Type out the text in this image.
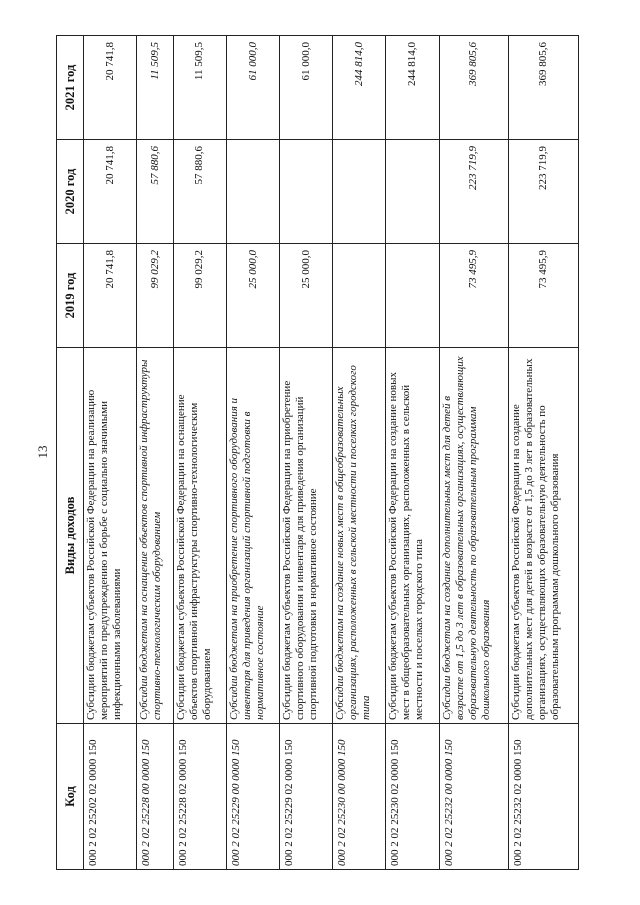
13
Код	Виды доходов	2019 год	2020 год	2021 год
000 2 02 25202 02 0000 150	Субсидии бюджетам субъектов Российской Федерации на реализацию мероприятий по предупреждению и борьбе с социально значимыми инфекционными заболеваниями	20 741,8	20 741,8	20 741,8
000 2 02 25228 00 0000 150	Субсидии бюджетам на оснащение объектов спортивной инфраструктуры спортивно-технологическим оборудованием	99 029,2	57 880,6	11 509,5
000 2 02 25228 02 0000 150	Субсидии бюджетам субъектов Российской Федерации на оснащение объектов спортивной инфраструктуры спортивно-технологическим оборудованием	99 029,2	57 880,6	11 509,5
000 2 02 25229 00 0000 150	Субсидии бюджетам на приобретение спортивного оборудования и инвентаря для приведения организаций спортивной подготовки в нормативное состояние	25 000,0		61 000,0
000 2 02 25229 02 0000 150	Субсидии бюджетам субъектов Российской Федерации на приобретение спортивного оборудования и инвентаря для приведения организаций спортивной подготовки в нормативное состояние	25 000,0		61 000,0
000 2 02 25230 00 0000 150	Субсидии бюджетам на создание новых мест в общеобразовательных организациях, расположенных в сельской местности и поселках городского типа			244 814,0
000 2 02 25230 02 0000 150	Субсидии бюджетам субъектов Российской Федерации на создание новых мест в общеобразовательных организациях, расположенных в сельской местности и поселках городского типа			244 814,0
000 2 02 25232 00 0000 150	Субсидии бюджетам на создание дополнительных мест для детей в возрасте от 1,5 до 3 лет в образовательных организациях, осуществляющих образовательную деятельность по образовательным программам дошкольного образования	73 495,9	223 719,9	369 805,6
000 2 02 25232 02 0000 150	Субсидии бюджетам субъектов Российской Федерации на создание дополнительных мест для детей в возрасте от 1,5 до 3 лет в образовательных организациях, осуществляющих образовательную деятельность по образовательным программам дошкольного образования	73 495,9	223 719,9	369 805,6
